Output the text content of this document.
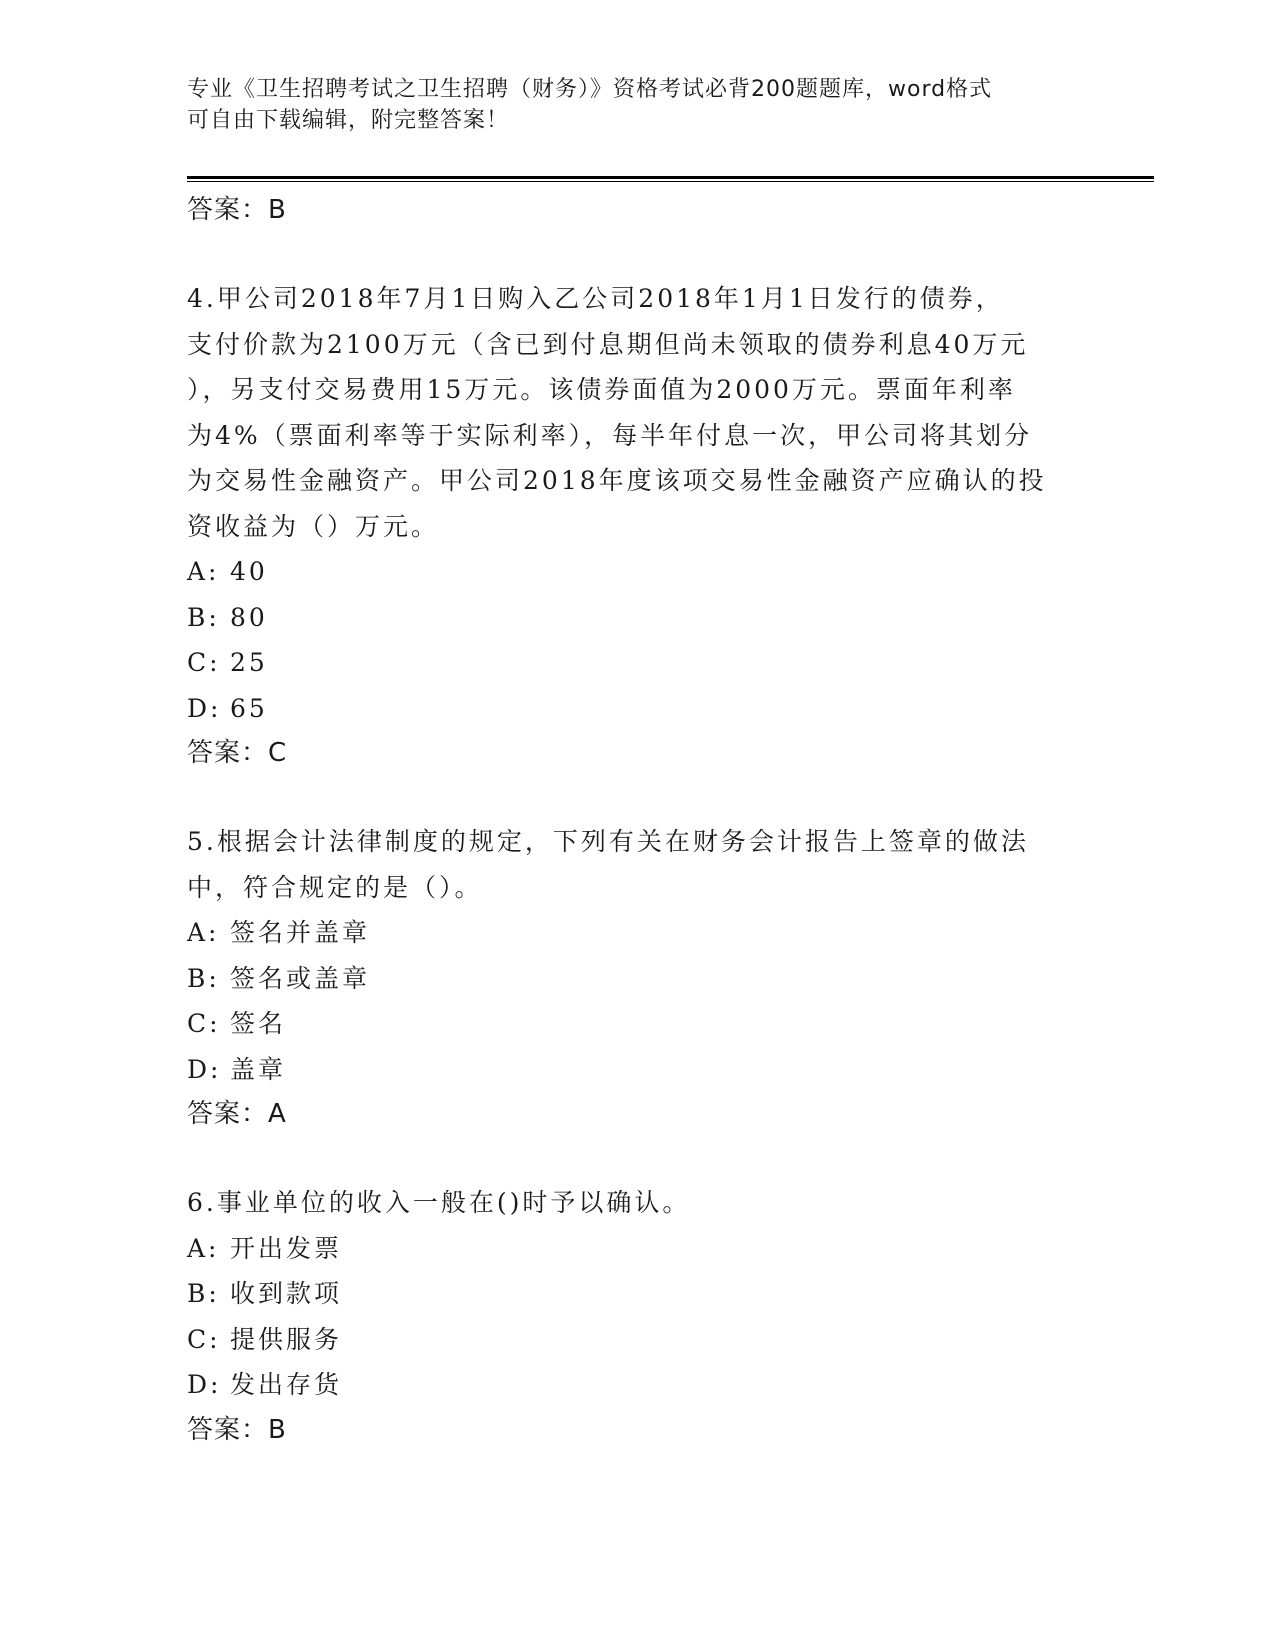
专业《卫生招聘考试之卫生招聘（财务）》资格考试必背200题题库，word格式
可自由下载编辑，附完整答案！
答案：B
4.甲公司2018年7月1日购入乙公司2018年1月1日发行的债券，
支付价款为2100万元（含已到付息期但尚未领取的债券利息40万元
），另支付交易费用15万元。该债券面值为2000万元。票面年利率
为4%（票面利率等于实际利率），每半年付息一次，甲公司将其划分
为交易性金融资产。甲公司2018年度该项交易性金融资产应确认的投
资收益为（）万元。
A: 40
B: 80
C: 25
D: 65
答案：C
5.根据会计法律制度的规定，下列有关在财务会计报告上签章的做法
中，符合规定的是（）。
A: 签名并盖章
B: 签名或盖章
C: 签名
D: 盖章
答案：A
6.事业单位的收入一般在()时予以确认。
A: 开出发票
B: 收到款项
C: 提供服务
D: 发出存货
答案：B
